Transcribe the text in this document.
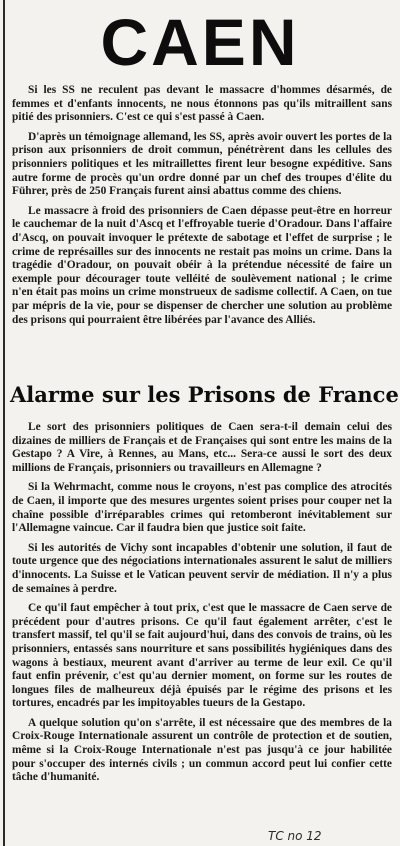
CAEN

Si les SS ne reculent pas devant le massacre d'hommes désarmés, de femmes et d'enfants innocents, ne nous étonnons pas qu'ils mitraillent sans pitié des prisonniers. C'est ce qui s'est passé à Caen.

D'après un témoignage allemand, les SS, après avoir ouvert les portes de la prison aux prisonniers de droit commun, pénétrèrent dans les cellules des prisonniers politiques et les mitraillettes firent leur besogne expéditive. Sans autre forme de procès qu'un ordre donné par un chef des troupes d'élite du Führer, près de 250 Français furent ainsi abattus comme des chiens.

Le massacre à froid des prisonniers de Caen dépasse peut-être en horreur le cauchemar de la nuit d'Ascq et l'effroyable tuerie d'Oradour. Dans l'affaire d'Ascq, on pouvait invoquer le prétexte de sabotage et l'effet de surprise ; le crime de représailles sur des innocents ne restait pas moins un crime. Dans la tragédie d'Oradour, on pouvait obéir à la prétendue nécessité de faire un exemple pour décourager toute velléité de soulèvement national ; le crime n'en était pas moins un crime monstrueux de sadisme collectif. A Caen, on tue par mépris de la vie, pour se dispenser de chercher une solution au problème des prisons qui pourraient être libérées par l'avance des Alliés.

Alarme sur les Prisons de France

Le sort des prisonniers politiques de Caen sera-t-il demain celui des dizaines de milliers de Français et de Françaises qui sont entre les mains de la Gestapo ? A Vire, à Rennes, au Mans, etc... Sera-ce aussi le sort des deux millions de Français, prisonniers ou travailleurs en Allemagne ?

Si la Wehrmacht, comme nous le croyons, n'est pas complice des atrocités de Caen, il importe que des mesures urgentes soient prises pour couper net la chaîne possible d'irréparables crimes qui retomberont inévitablement sur l'Allemagne vaincue. Car il faudra bien que justice soit faite.

Si les autorités de Vichy sont incapables d'obtenir une solution, il faut de toute urgence que des négociations internationales assurent le salut de milliers d'innocents. La Suisse et le Vatican peuvent servir de médiation. Il n'y a plus de semaines à perdre.

Ce qu'il faut empêcher à tout prix, c'est que le massacre de Caen serve de précédent pour d'autres prisons. Ce qu'il faut également arrêter, c'est le transfert massif, tel qu'il se fait aujourd'hui, dans des convois de trains, où les prisonniers, entassés sans nourriture et sans possibilités hygiéniques dans des wagons à bestiaux, meurent avant d'arriver au terme de leur exil. Ce qu'il faut enfin prévenir, c'est qu'au dernier moment, on forme sur les routes de longues files de malheureux déjà épuisés par le régime des prisons et les tortures, encadrés par les impitoyables tueurs de la Gestapo.

A quelque solution qu'on s'arrête, il est nécessaire que des membres de la Croix-Rouge Internationale assurent un contrôle de protection et de soutien, même si la Croix-Rouge Internationale n'est pas jusqu'à ce jour habilitée pour s'occuper des internés civils ; un commun accord peut lui confier cette tâche d'humanité.

TC no 12
